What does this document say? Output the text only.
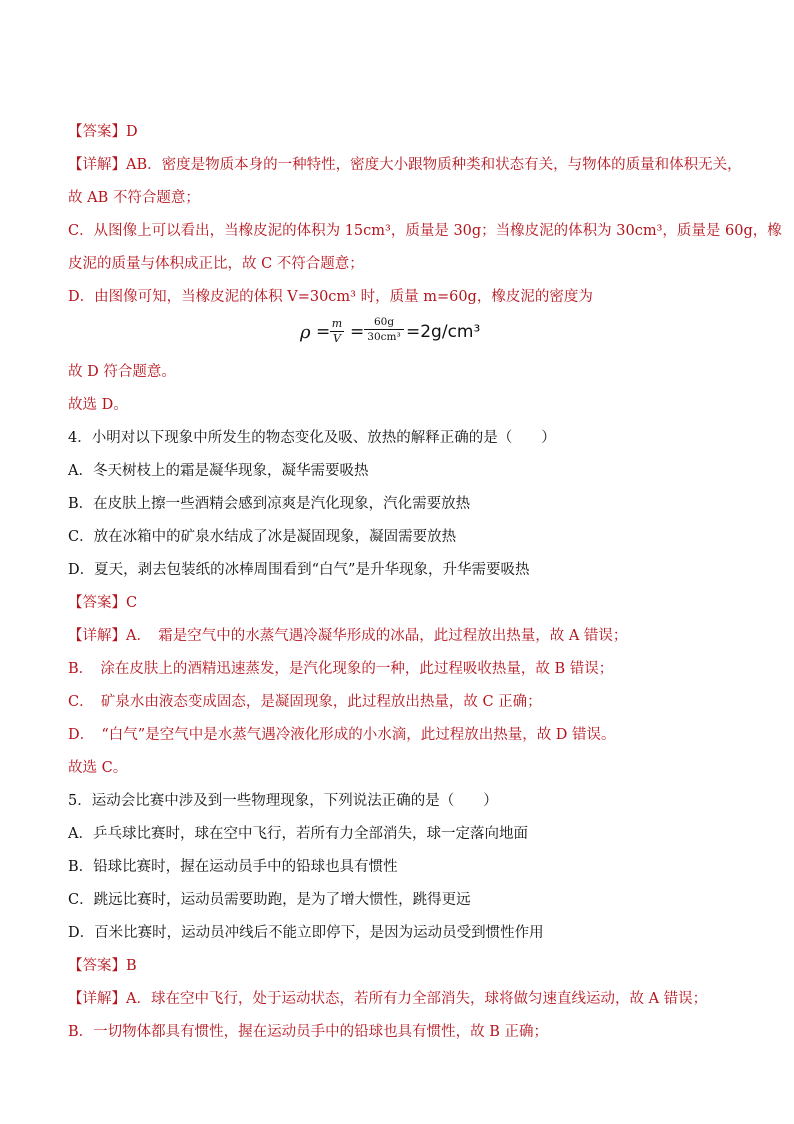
ρ = m
V = 60g
30cm³ =2g/cm³
【答案】D
【详解】AB．密度是物质本身的一种特性，密度大小跟物质种类和状态有关，与物体的质量和体积无关，
故 AB 不符合题意；
C．从图像上可以看出，当橡皮泥的体积为 15cm³，质量是 30g；当橡皮泥的体积为 30cm³，质量是 60g，橡
皮泥的质量与体积成正比，故 C 不符合题意；
D．由图像可知，当橡皮泥的体积 V=30cm³ 时，质量 m=60g，橡皮泥的密度为
故 D 符合题意。
故选 D。
4．小明对以下现象中所发生的物态变化及吸、放热的解释正确的是（　　）
A．冬天树枝上的霜是凝华现象，凝华需要吸热
B．在皮肤上擦一些酒精会感到凉爽是汽化现象，汽化需要放热
C．放在冰箱中的矿泉水结成了冰是凝固现象，凝固需要放热
D．夏天，剥去包装纸的冰棒周围看到“白气”是升华现象，升华需要吸热
【答案】C
【详解】A．　霜是空气中的水蒸气遇冷凝华形成的冰晶，此过程放出热量，故 A 错误；
B．　涂在皮肤上的酒精迅速蒸发，是汽化现象的一种，此过程吸收热量，故 B 错误；
C．　矿泉水由液态变成固态，是凝固现象，此过程放出热量，故 C 正确；
D．　“白气”是空气中是水蒸气遇冷液化形成的小水滴，此过程放出热量，故 D 错误。
故选 C。
5．运动会比赛中涉及到一些物理现象，下列说法正确的是（　　）
A．乒乓球比赛时，球在空中飞行，若所有力全部消失，球一定落向地面
B．铅球比赛时，握在运动员手中的铅球也具有惯性
C．跳远比赛时，运动员需要助跑，是为了增大惯性，跳得更远
D．百米比赛时，运动员冲线后不能立即停下，是因为运动员受到惯性作用
【答案】B
【详解】A．球在空中飞行，处于运动状态，若所有力全部消失，球将做匀速直线运动，故 A 错误；
B．一切物体都具有惯性，握在运动员手中的铅球也具有惯性，故 B 正确；
